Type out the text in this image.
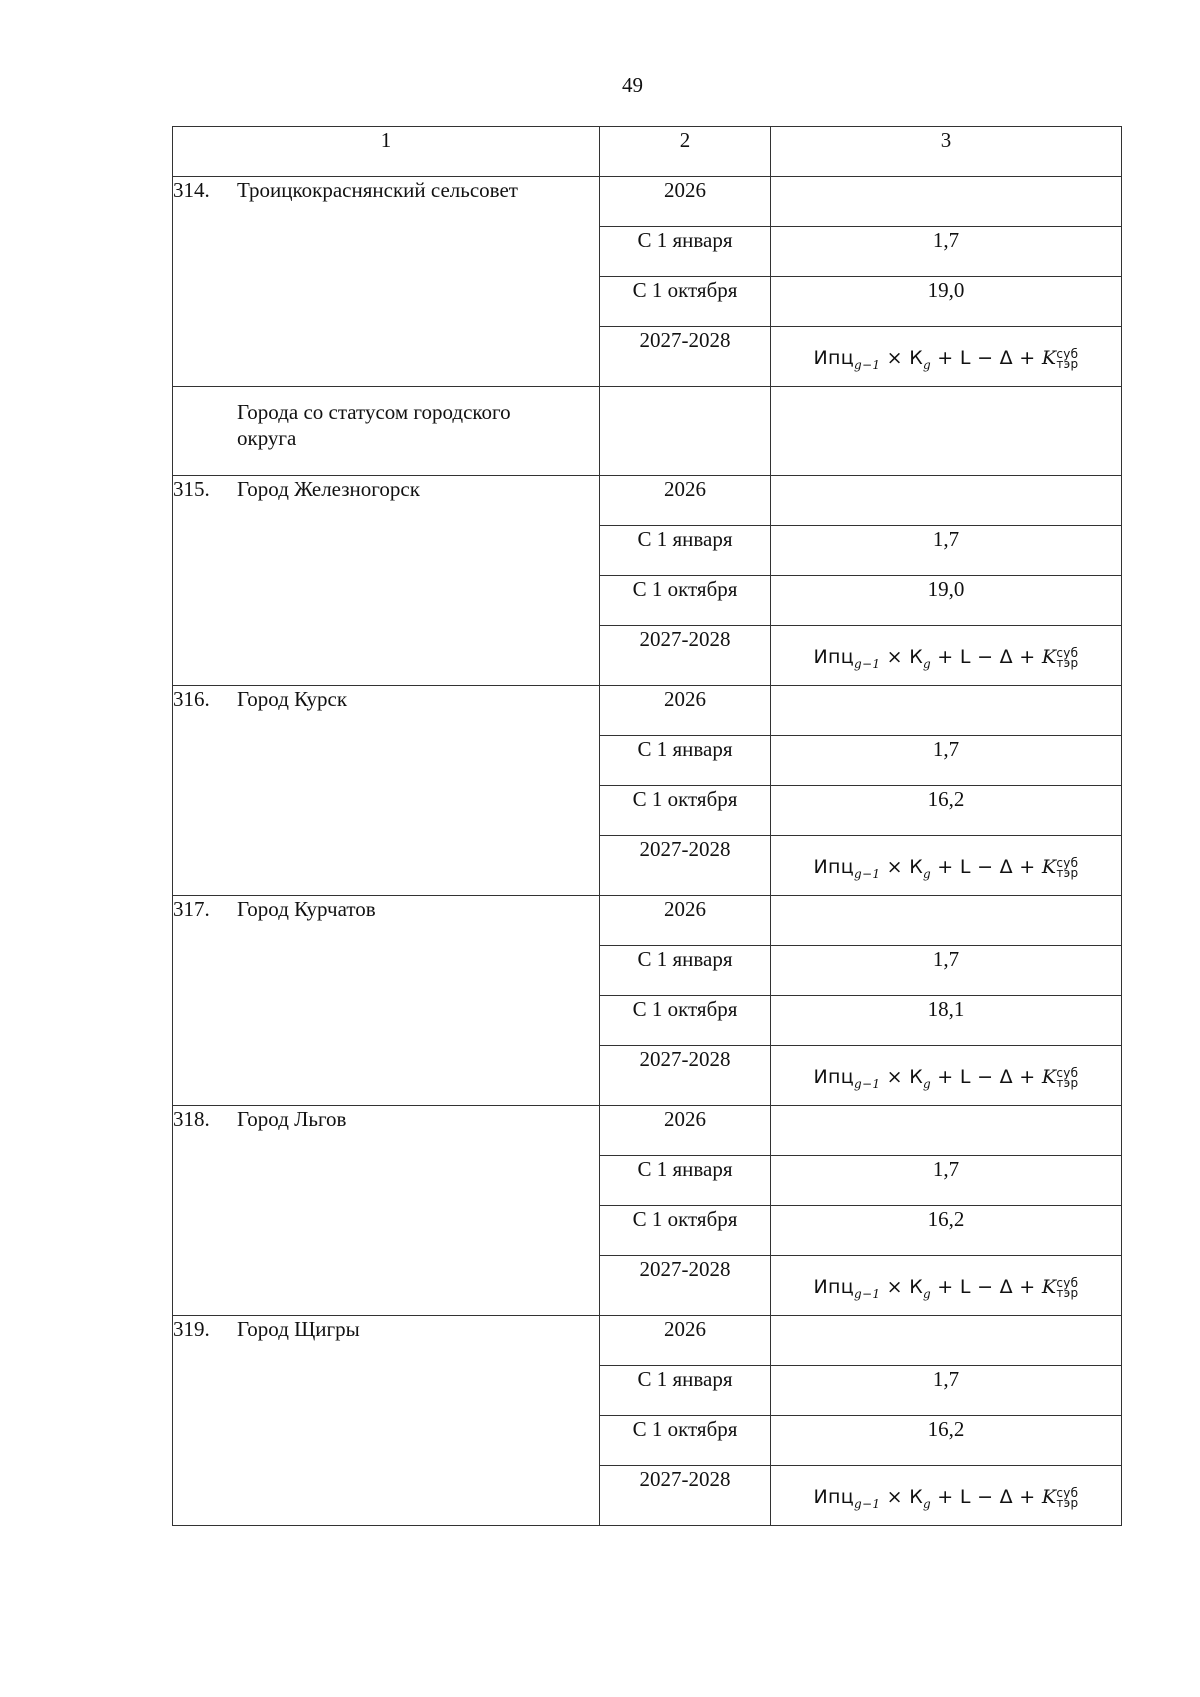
49
1	2	3
314. Троицкокраснянский сельсовет	2026	
	С 1 января	1,7
	С 1 октября	19,0
	2027-2028	$Ипц_{g-1} \times К_g + L - \Delta + K$ суб
тэр

Города со статусом городского округа		

315. Город Железногорск	2026	
	С 1 января	1,7
	С 1 октября	19,0
	2027-2028	$Ипц_{g-1} \times К_g + L - \Delta + K$ суб
тэр

316. Город Курск	2026	
	С 1 января	1,7
	С 1 октября	16,2
	2027-2028	$Ипц_{g-1} \times К_g + L - \Delta + K$ суб
тэр

317. Город Курчатов	2026	
	С 1 января	1,7
	С 1 октября	18,1
	2027-2028	$Ипц_{g-1} \times К_g + L - \Delta + K$ суб
тэр

318. Город Льгов	2026	
	С 1 января	1,7
	С 1 октября	16,2
	2027-2028	$Ипц_{g-1} \times К_g + L - \Delta + K$ суб
тэр

319. Город Щигры	2026	
	С 1 января	1,7
	С 1 октября	16,2
	2027-2028	$Ипц_{g-1} \times К_g + L - \Delta + K$ суб
тэр
